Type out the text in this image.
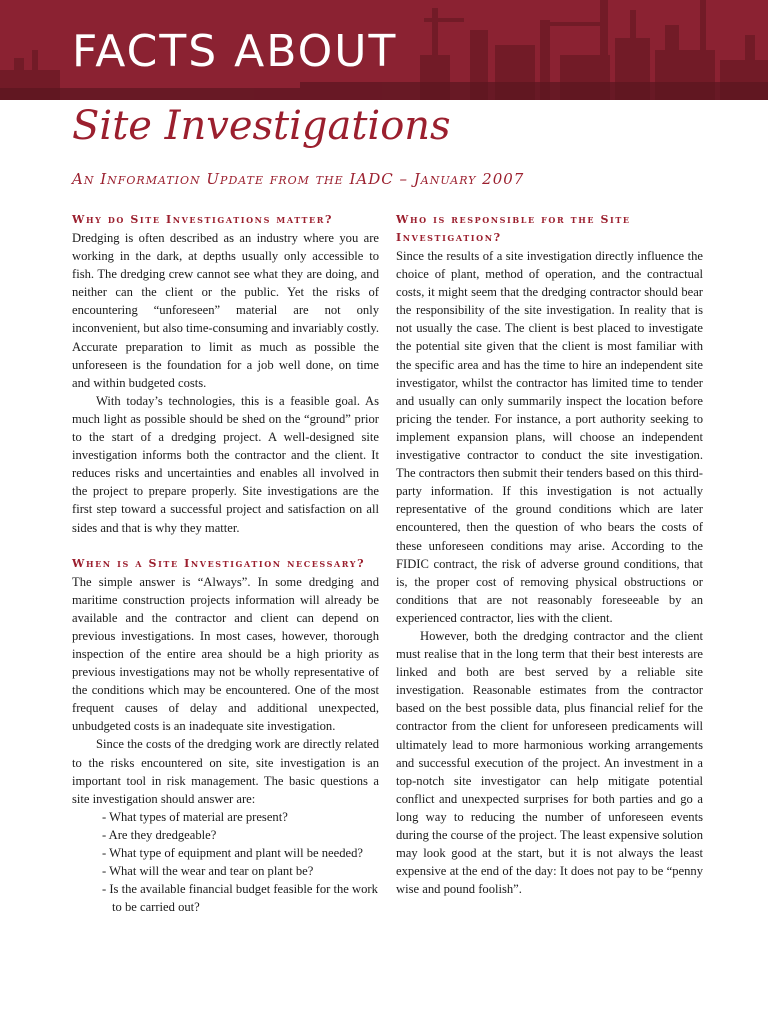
FACTS ABOUT
Site Investigations
An Information Update from the IADC – January 2007
Why do Site Investigations matter?

Dredging is often described as an industry where you are working in the dark, at depths usually only accessible to fish. The dredging crew cannot see what they are doing, and neither can the client or the public. Yet the risks of encountering “unforeseen” material are not only inconvenient, but also time-consuming and invariably costly. Accurate preparation to limit as much as possible the unforeseen is the foundation for a job well done, on time and within budgeted costs.

With today’s technologies, this is a feasible goal. As much light as possible should be shed on the “ground” prior to the start of a dredging project. A well-designed site investigation informs both the contractor and the client. It reduces risks and uncertainties and enables all involved in the project to prepare properly. Site investigations are the first step toward a successful project and satisfaction on all sides and that is why they matter.

When is a Site Investigation necessary?

The simple answer is “Always”. In some dredging and maritime construction projects information will already be available and the contractor and client can depend on previous investigations. In most cases, however, thorough inspection of the entire area should be a high priority as previous investigations may not be wholly representative of the conditions which may be encountered. One of the most frequent causes of delay and additional unexpected, unbudgeted costs is an inadequate site investigation.

Since the costs of the dredging work are directly related to the risks encountered on site, site investigation is an important tool in risk management. The basic questions a site investigation should answer are:

- What types of material are present?
- Are they dredgeable?
- What type of equipment and plant will be needed?
- What will the wear and tear on plant be?
- Is the available financial budget feasible for the work to be carried out?
Who is responsible for the Site Investigation?

Since the results of a site investigation directly influence the choice of plant, method of operation, and the contractual costs, it might seem that the dredging contractor should bear the responsibility of the site investigation. In reality that is not usually the case. The client is best placed to investigate the potential site given that the client is most familiar with the specific area and has the time to hire an independent site investigator, whilst the contractor has limited time to tender and usually can only summarily inspect the location before pricing the tender. For instance, a port authority seeking to implement expansion plans, will choose an independent investigative contractor to conduct the site investigation. The contractors then submit their tenders based on this third-party information. If this investigation is not actually representative of the ground conditions which are later encountered, then the question of who bears the costs of these unforeseen conditions may arise. According to the FIDIC contract, the risk of adverse ground conditions, that is, the proper cost of removing physical obstructions or conditions that are not reasonably foreseeable by an experienced contractor, lies with the client.

However, both the dredging contractor and the client must realise that in the long term that their best interests are linked and both are best served by a reliable site investigation. Reasonable estimates from the contractor based on the best possible data, plus financial relief for the contractor from the client for unforeseen predicaments will ultimately lead to more harmonious working arrangements and successful execution of the project. An investment in a top-notch site investigator can help mitigate potential conflict and unexpected surprises for both parties and go a long way to reducing the number of unforeseen events during the course of the project. The least expensive solution may look good at the start, but it is not always the least expensive at the end of the day: It does not pay to be “penny wise and pound foolish”.
